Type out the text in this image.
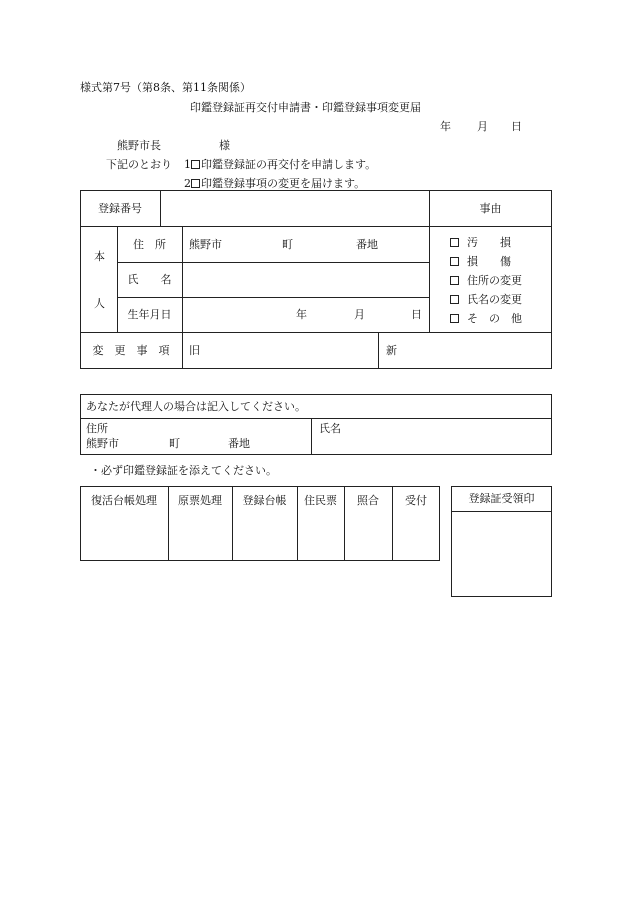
様式第7号（第8条、第11条関係）
印鑑登録証再交付申請書・印鑑登録事項変更届
年 月 日
熊野市長	様
下記のとおり 1 印鑑登録証の再交付を申請します。
2 印鑑登録事項の変更を届けます。
登録番号	事由
本
人
住　所	熊野市	町	番地
氏　　名
生年月日	年	月	日
汚　　損
損　　傷
住所の変更
氏名の変更
そ　の　他
変　更　事　項	旧	新
あなたが代理人の場合は記入してください。
住所
熊野市	町	番地
氏名
・必ず印鑑登録証を添えてください。
復活台帳処理	原票処理	登録台帳	住民票	照合	受付	登録証受領印
